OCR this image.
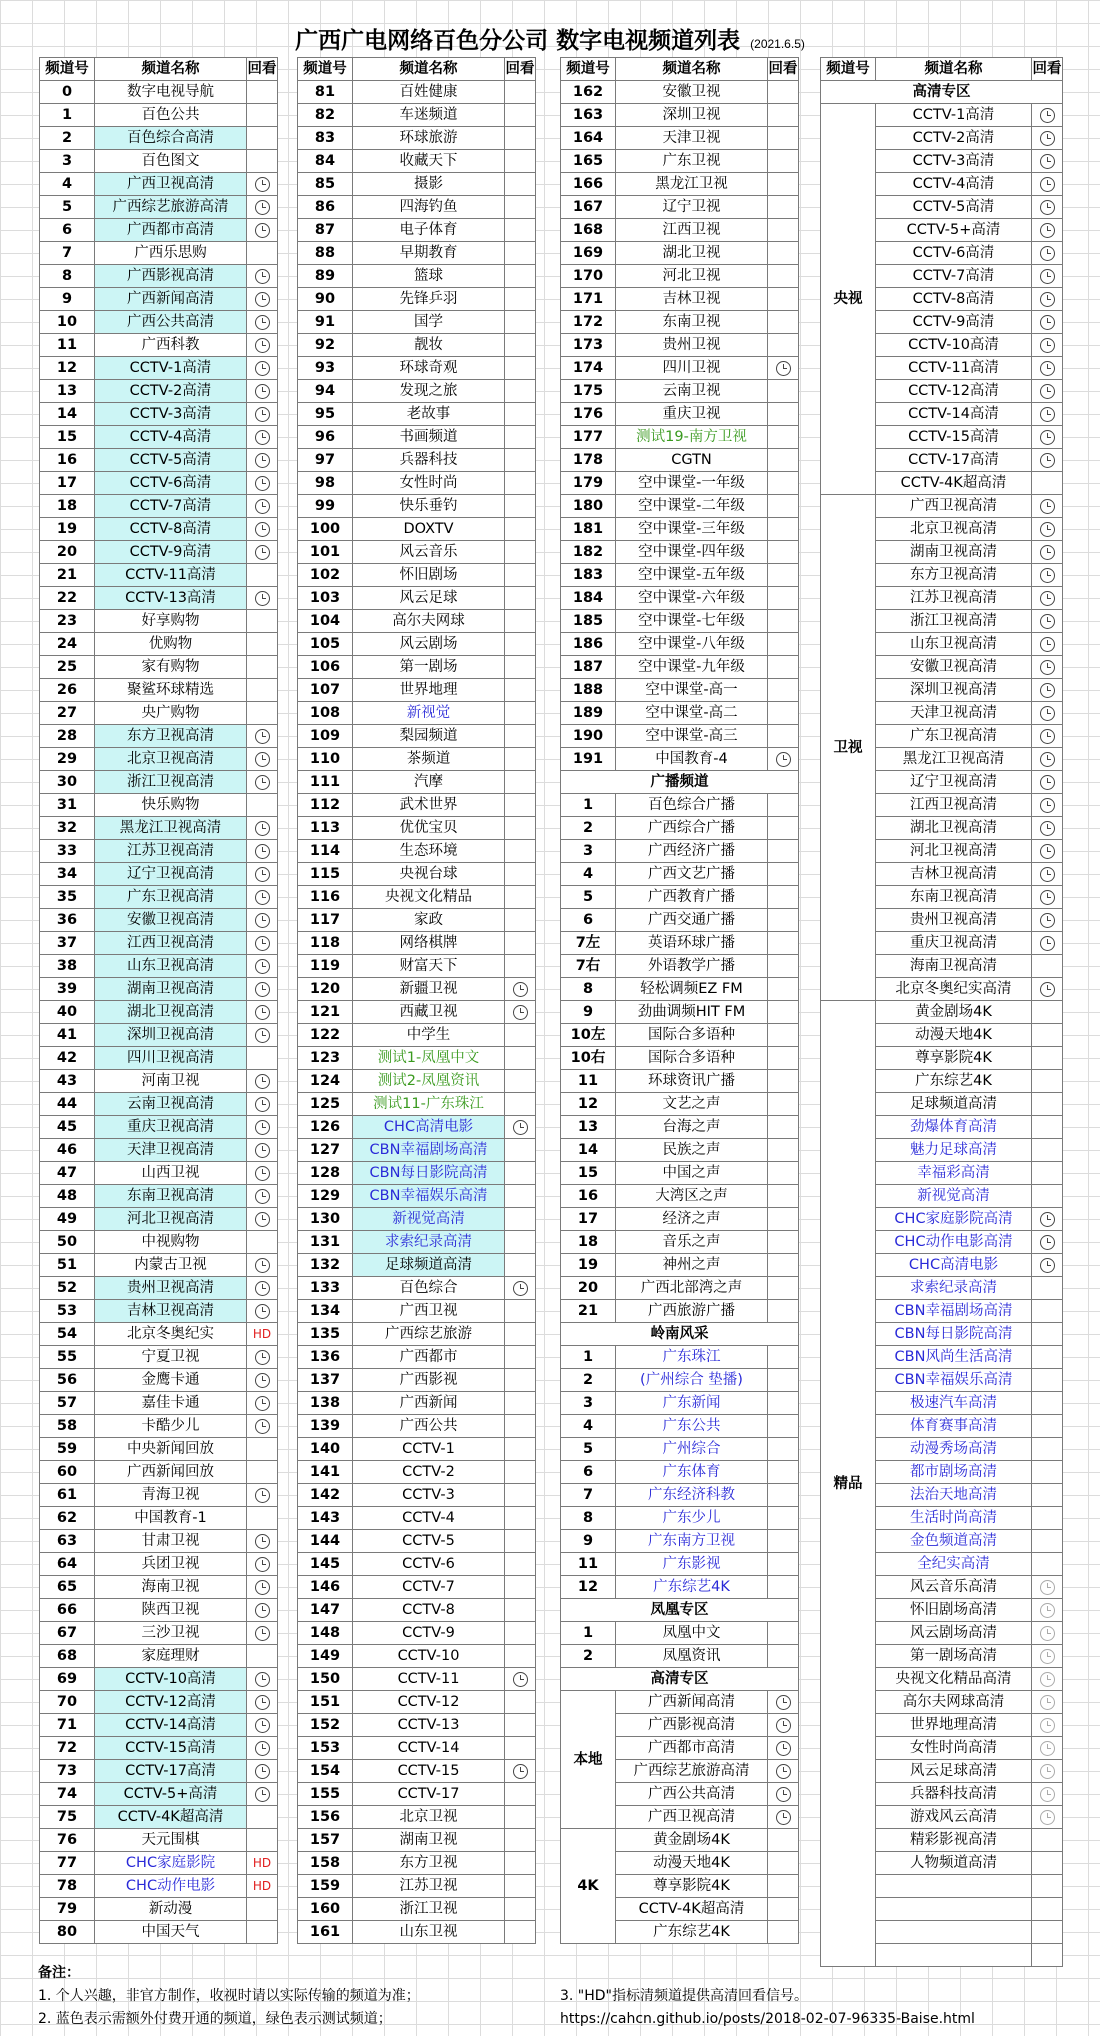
广西广电网络百色分公司 数字电视频道列表 (2021.6.5)
频道号	频道名称	回看
0	数字电视导航	
1	百色公共	
2	百色综合高清	
3	百色图文	
4	广西卫视高清	
5	广西综艺旅游高清	
6	广西都市高清	
7	广西乐思购	
8	广西影视高清	
9	广西新闻高清	
10	广西公共高清	
11	广西科教	
12	CCTV-1高清	
13	CCTV-2高清	
14	CCTV-3高清	
15	CCTV-4高清	
16	CCTV-5高清	
17	CCTV-6高清	
18	CCTV-7高清	
19	CCTV-8高清	
20	CCTV-9高清	
21	CCTV-11高清	
22	CCTV-13高清	
23	好享购物	
24	优购物	
25	家有购物	
26	聚鲨环球精选	
27	央广购物	
28	东方卫视高清	
29	北京卫视高清	
30	浙江卫视高清	
31	快乐购物	
32	黑龙江卫视高清	
33	江苏卫视高清	
34	辽宁卫视高清	
35	广东卫视高清	
36	安徽卫视高清	
37	江西卫视高清	
38	山东卫视高清	
39	湖南卫视高清	
40	湖北卫视高清	
41	深圳卫视高清	
42	四川卫视高清	
43	河南卫视	
44	云南卫视高清	
45	重庆卫视高清	
46	天津卫视高清	
47	山西卫视	
48	东南卫视高清	
49	河北卫视高清	
50	中视购物	
51	内蒙古卫视	
52	贵州卫视高清	
53	吉林卫视高清	
54	北京冬奥纪实	HD
55	宁夏卫视	
56	金鹰卡通	
57	嘉佳卡通	
58	卡酷少儿	
59	中央新闻回放	
60	广西新闻回放	
61	青海卫视	
62	中国教育-1	
63	甘肃卫视	
64	兵团卫视	
65	海南卫视	
66	陕西卫视	
67	三沙卫视	
68	家庭理财	
69	CCTV-10高清	
70	CCTV-12高清	
71	CCTV-14高清	
72	CCTV-15高清	
73	CCTV-17高清	
74	CCTV-5+高清	
75	CCTV-4K超高清	
76	天元围棋	
77	CHC家庭影院	HD
78	CHC动作电影	HD
79	新动漫	
80	中国天气	
频道号	频道名称	回看
81	百姓健康	
82	车迷频道	
83	环球旅游	
84	收藏天下	
85	摄影	
86	四海钓鱼	
87	电子体育	
88	早期教育	
89	篮球	
90	先锋乒羽	
91	国学	
92	靓妆	
93	环球奇观	
94	发现之旅	
95	老故事	
96	书画频道	
97	兵器科技	
98	女性时尚	
99	快乐垂钓	
100	DOXTV	
101	风云音乐	
102	怀旧剧场	
103	风云足球	
104	高尔夫网球	
105	风云剧场	
106	第一剧场	
107	世界地理	
108	新视觉	
109	梨园频道	
110	茶频道	
111	汽摩	
112	武术世界	
113	优优宝贝	
114	生态环境	
115	央视台球	
116	央视文化精品	
117	家政	
118	网络棋牌	
119	财富天下	
120	新疆卫视	
121	西藏卫视	
122	中学生	
123	测试1-凤凰中文	
124	测试2-凤凰资讯	
125	测试11-广东珠江	
126	CHC高清电影	
127	CBN幸福剧场高清	
128	CBN每日影院高清	
129	CBN幸福娱乐高清	
130	新视觉高清	
131	求索纪录高清	
132	足球频道高清	
133	百色综合	
134	广西卫视	
135	广西综艺旅游	
136	广西都市	
137	广西影视	
138	广西新闻	
139	广西公共	
140	CCTV-1	
141	CCTV-2	
142	CCTV-3	
143	CCTV-4	
144	CCTV-5	
145	CCTV-6	
146	CCTV-7	
147	CCTV-8	
148	CCTV-9	
149	CCTV-10	
150	CCTV-11	
151	CCTV-12	
152	CCTV-13	
153	CCTV-14	
154	CCTV-15	
155	CCTV-17	
156	北京卫视	
157	湖南卫视	
158	东方卫视	
159	江苏卫视	
160	浙江卫视	
161	山东卫视	
频道号	频道名称	回看
162	安徽卫视	
163	深圳卫视	
164	天津卫视	
165	广东卫视	
166	黑龙江卫视	
167	辽宁卫视	
168	江西卫视	
169	湖北卫视	
170	河北卫视	
171	吉林卫视	
172	东南卫视	
173	贵州卫视	
174	四川卫视	
175	云南卫视	
176	重庆卫视	
177	测试19-南方卫视	
178	CGTN	
179	空中课堂-一年级	
180	空中课堂-二年级	
181	空中课堂-三年级	
182	空中课堂-四年级	
183	空中课堂-五年级	
184	空中课堂-六年级	
185	空中课堂-七年级	
186	空中课堂-八年级	
187	空中课堂-九年级	
188	空中课堂-高一	
189	空中课堂-高二	
190	空中课堂-高三	
191	中国教育-4	
广播频道		
1	百色综合广播	
2	广西综合广播	
3	广西经济广播	
4	广西文艺广播	
5	广西教育广播	
6	广西交通广播	
7左	英语环球广播	
7右	外语教学广播	
8	轻松调频EZ FM	
9	劲曲调频HIT FM	
10左	国际合多语种	
10右	国际合多语种	
11	环球资讯广播	
12	文艺之声	
13	台海之声	
14	民族之声	
15	中国之声	
16	大湾区之声	
17	经济之声	
18	音乐之声	
19	神州之声	
20	广西北部湾之声	
21	广西旅游广播	
岭南风采		
1	广东珠江	
2	(广州综合 垫播)	
3	广东新闻	
4	广东公共	
5	广州综合	
6	广东体育	
7	广东经济科教	
8	广东少儿	
9	广东南方卫视	
11	广东影视	
12	广东综艺4K	
凤凰专区		
1	凤凰中文	
2	凤凰资讯	
高清专区		
本地	广西新闻高清	
	广西影视高清	
	广西都市高清	
	广西综艺旅游高清	
	广西公共高清	
	广西卫视高清	
4K	黄金剧场4K	
	动漫天地4K	
	尊享影院4K	
	CCTV-4K超高清	
	广东综艺4K	
频道号	频道名称	回看
高清专区		
央视	CCTV-1高清	
	CCTV-2高清	
	CCTV-3高清	
	CCTV-4高清	
	CCTV-5高清	
	CCTV-5+高清	
	CCTV-6高清	
	CCTV-7高清	
	CCTV-8高清	
	CCTV-9高清	
	CCTV-10高清	
	CCTV-11高清	
	CCTV-12高清	
	CCTV-14高清	
	CCTV-15高清	
	CCTV-17高清	
	CCTV-4K超高清	
卫视	广西卫视高清	
	北京卫视高清	
	湖南卫视高清	
	东方卫视高清	
	江苏卫视高清	
	浙江卫视高清	
	山东卫视高清	
	安徽卫视高清	
	深圳卫视高清	
	天津卫视高清	
	广东卫视高清	
	黑龙江卫视高清	
	辽宁卫视高清	
	江西卫视高清	
	湖北卫视高清	
	河北卫视高清	
	吉林卫视高清	
	东南卫视高清	
	贵州卫视高清	
	重庆卫视高清	
	海南卫视高清	
	北京冬奥纪实高清	
精品	黄金剧场4K	
	动漫天地4K	
	尊享影院4K	
	广东综艺4K	
	足球频道高清	
	劲爆体育高清	
	魅力足球高清	
	幸福彩高清	
	新视觉高清	
	CHC家庭影院高清	
	CHC动作电影高清	
	CHC高清电影	
	求索纪录高清	
	CBN幸福剧场高清	
	CBN每日影院高清	
	CBN风尚生活高清	
	CBN幸福娱乐高清	
	极速汽车高清	
	体育赛事高清	
	动漫秀场高清	
	都市剧场高清	
	法治天地高清	
	生活时尚高清	
	金色频道高清	
	全纪实高清	
	风云音乐高清	
	怀旧剧场高清	
	风云剧场高清	
	第一剧场高清	
	央视文化精品高清	
	高尔夫网球高清	
	世界地理高清	
	女性时尚高清	
	风云足球高清	
	兵器科技高清	
	游戏风云高清	
	精彩影视高清	
	人物频道高清	

备注：
1. 个人兴趣，非官方制作，收视时请以实际传输的频道为准；
2. 蓝色表示需额外付费开通的频道，绿色表示测试频道；
3. "HD"指标清频道提供高清回看信号。
https://cahcn.github.io/posts/2018-02-07-96335-Baise.html
